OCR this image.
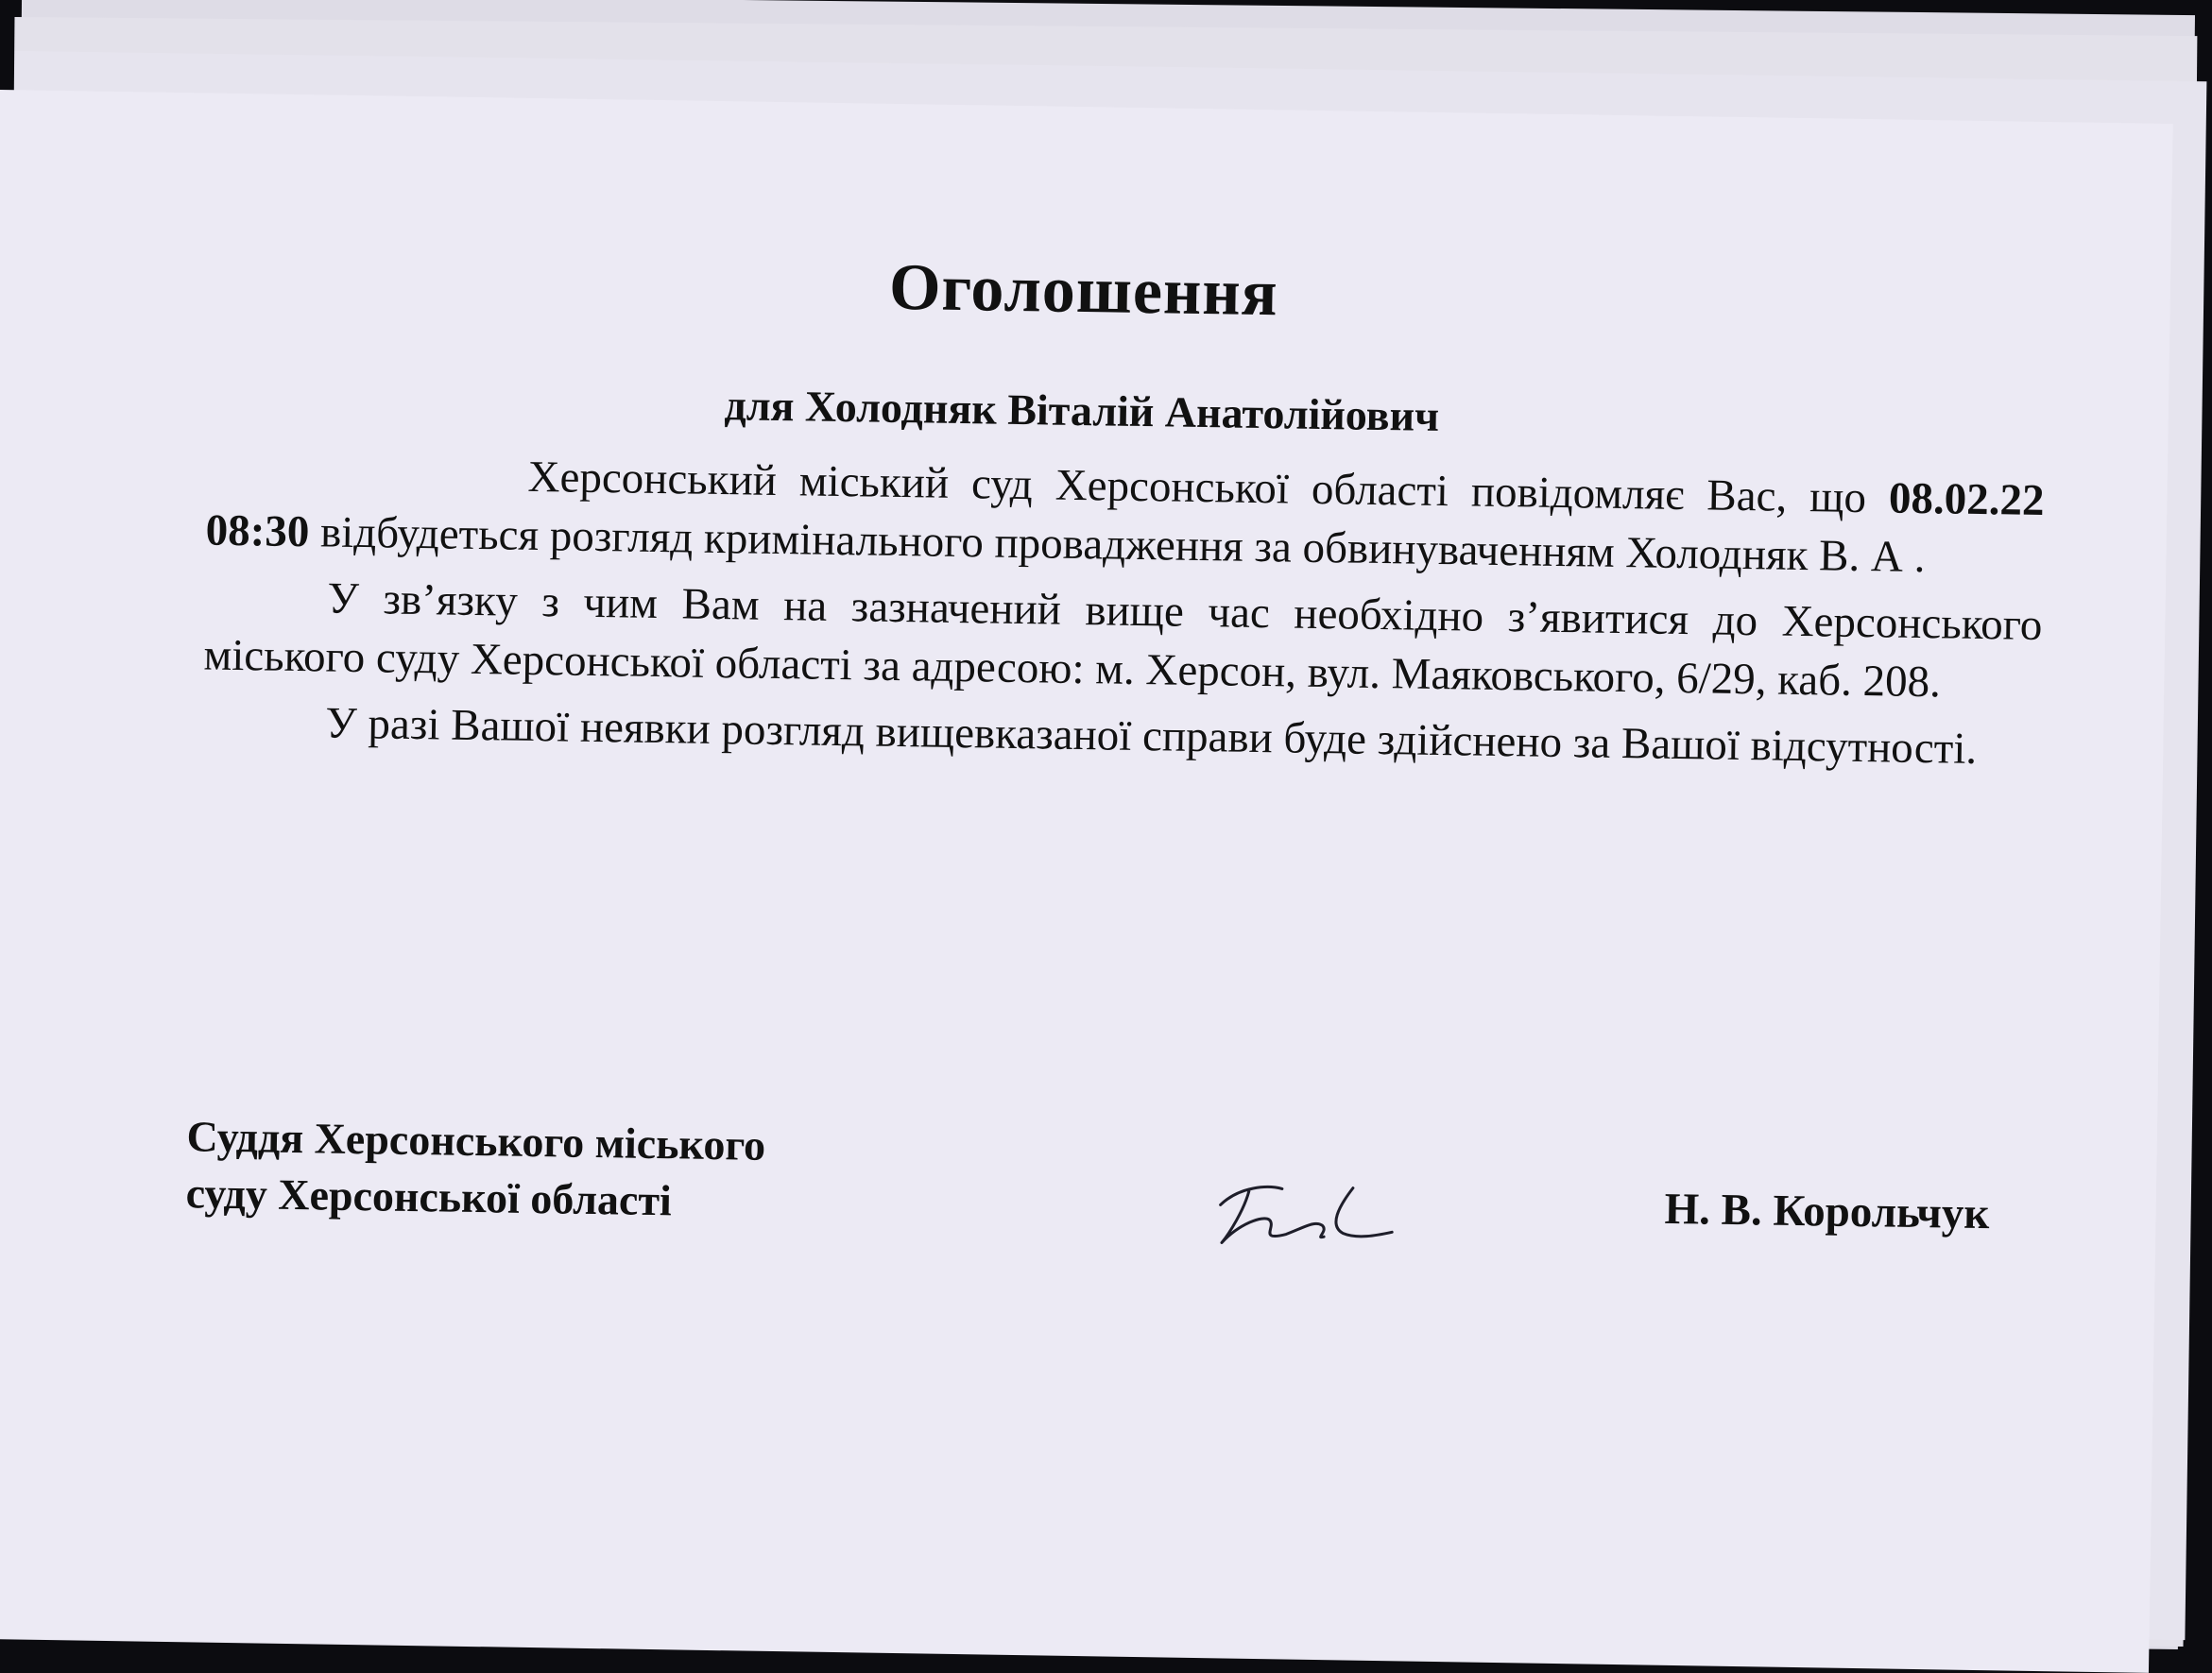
Оголошення
для Холодняк Віталій Анатолійович

Херсонський міський суд Херсонської області повідомляє Вас, що 08.02.22 08:30 відбудеться розгляд кримінального провадження за обвинуваченням Холодняк В. А .

У зв’язку з чим Вам на зазначений вище час необхідно з’явитися до Херсонського міського суду Херсонської області за адресою: м. Херсон, вул. Маяковського, 6/29, каб. 208.

У разі Вашої неявки розгляд вищевказаної справи буде здійснено за Вашої відсутності.

Суддя Херсонського міського
суду Херсонської області	Н. В. Корольчук
